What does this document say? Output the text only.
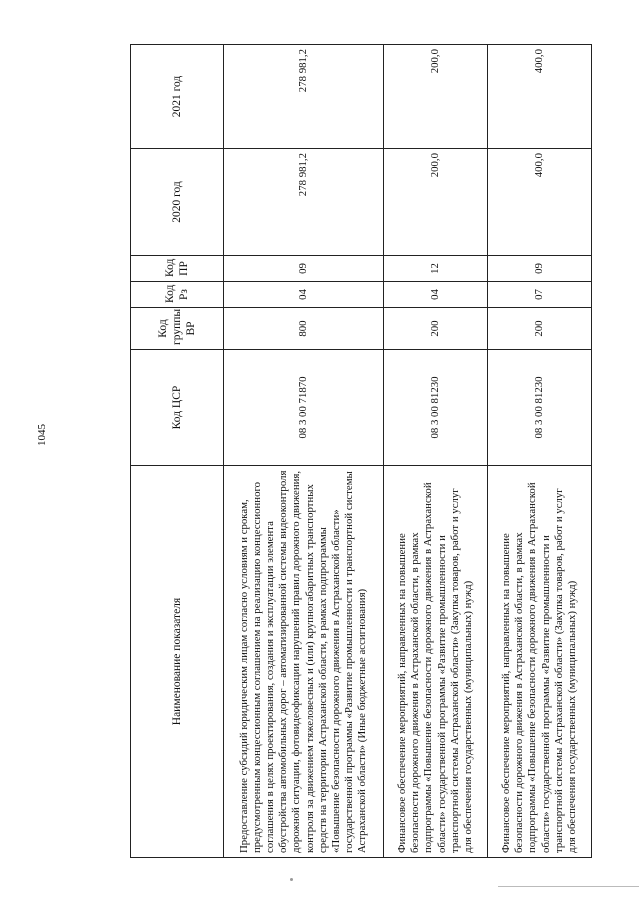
1045
Наименование показателя	Код ЦСР	Код группы ВР	Код Рз	Код ПР	2020 год	2021 год
Предоставление субсидий юридическим лицам согласно условиям и срокам, предусмотренным концессионным соглашением на реализацию концессионного соглашения в целях проектирования, создания и эксплуатации элемента обустройства автомобильных дорог – автоматизированной системы видеоконтроля дорожной ситуации, фотовидеофиксации нарушений правил дорожного движения, контроля за движением тяжеловесных и (или) крупногабаритных транспортных средств на территории Астраханской области, в рамках подпрограммы «Повышение безопасности дорожного движения в Астраханской области» государственной программы «Развитие промышленности и транспортной системы Астраханской области» (Иные бюджетные ассигнования)	08 3 00 71870	800	04	09	278 981,2	278 981,2
Финансовое обеспечение мероприятий, направленных на повышение безопасности дорожного движения в Астраханской области, в рамках подпрограммы «Повышение безопасности дорожного движения в Астраханской области» государственной программы «Развитие промышленности и транспортной системы Астраханской области» (Закупка товаров, работ и услуг для обеспечения государственных (муниципальных) нужд)	08 3 00 81230	200	04	12	200,0	200,0
Финансовое обеспечение мероприятий, направленных на повышение безопасности дорожного движения в Астраханской области, в рамках подпрограммы «Повышение безопасности дорожного движения в Астраханской области» государственной программы «Развитие промышленности и транспортной системы Астраханской области» (Закупка товаров, работ и услуг для обеспечения государственных (муниципальных) нужд)	08 3 00 81230	200	07	09	400,0	400,0
